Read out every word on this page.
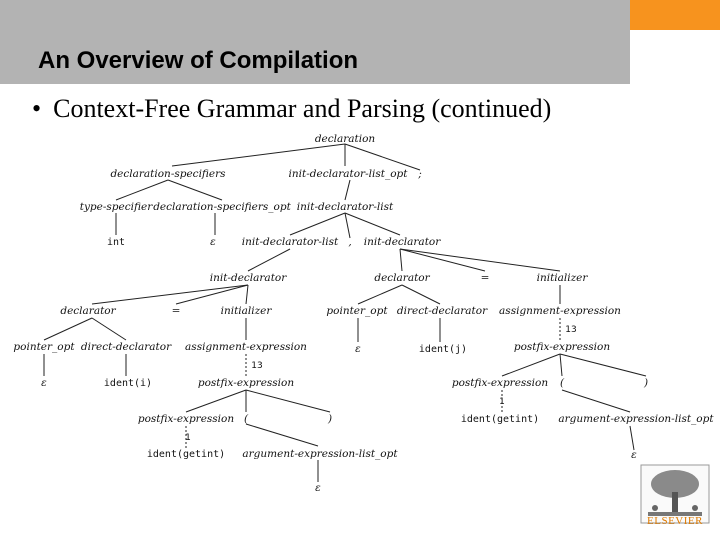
An Overview of Compilation
• Context-Free Grammar and Parsing (continued)
declaration
declaration-specifiers	init-declarator-list_opt ;
type-specifier declaration-specifiers_opt init-declarator-list
int	ε init-declarator-list , init-declarator
init-declarator	declarator	=	initializer
declarator	=	initializer	pointer_opt direct-declarator assignment-expression
pointer_opt direct-declarator assignment-expression	ε	ident(j)
13
postfix-expression
ε	ident(i)
13
postfix-expression	postfix-expression (	)
postfix-expression (	)
1
ident(getint) argument-expression-list_opt
1
ident(getint) argument-expression-list_opt	ε
ε
ELSEVIER
